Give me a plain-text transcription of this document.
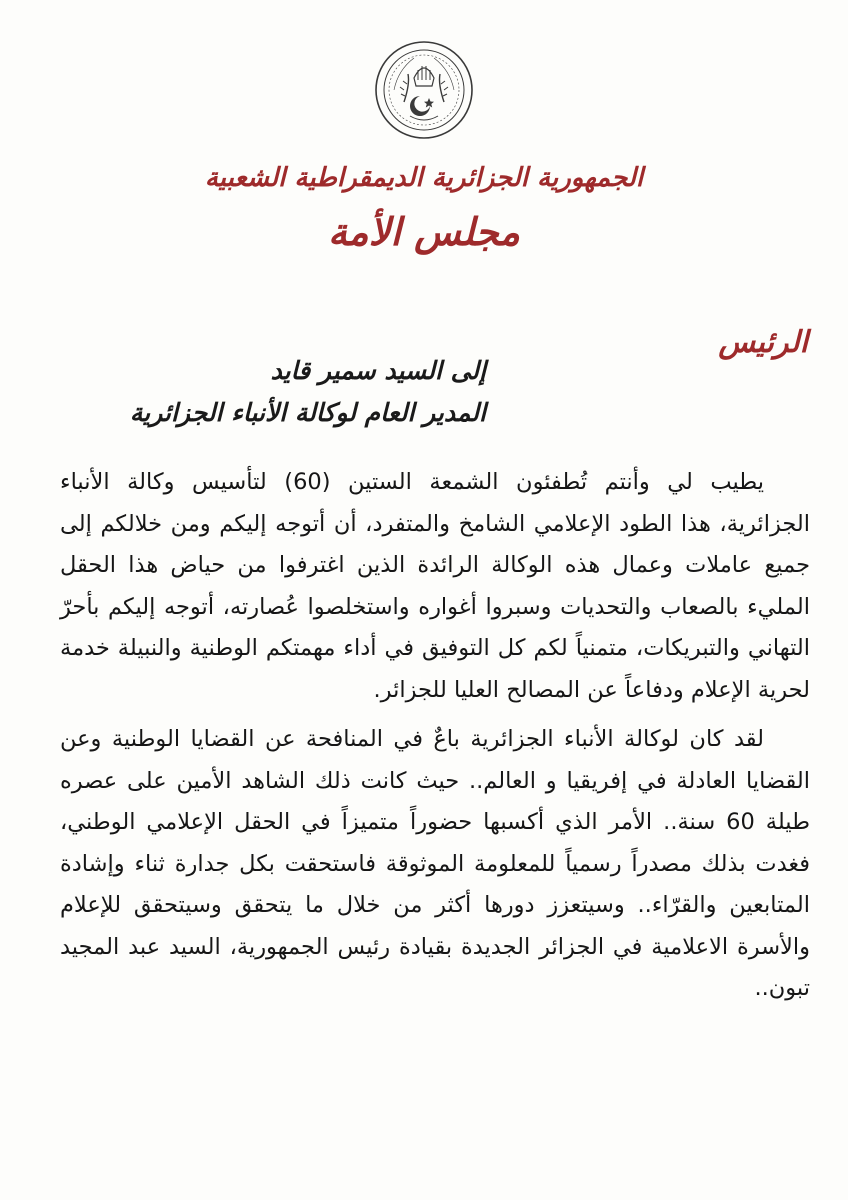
الجمهورية الجزائرية الديمقراطية الشعبية
مجلس الأمة
الرئيس
إلى السيد سمير قايد
المدير العام لوكالة الأنباء الجزائرية

يطيب لي وأنتم تُطفئون الشمعة الستين (60) لتأسيس وكالة الأنباء الجزائرية، هذا الطود الإعلامي الشامخ والمتفرد، أن أتوجه إليكم ومن خلالكم إلى جميع عاملات وعمال هذه الوكالة الرائدة الذين اغترفوا من حياض هذا الحقل المليء بالصعاب والتحديات وسبروا أغواره واستخلصوا عُصارته، أتوجه إليكم بأحرّ التهاني والتبريكات، متمنياً لكم كل التوفيق في أداء مهمتكم الوطنية والنبيلة خدمة لحرية الإعلام ودفاعاً عن المصالح العليا للجزائر.

لقد كان لوكالة الأنباء الجزائرية باعٌ في المنافحة عن القضايا الوطنية وعن القضايا العادلة في إفريقيا و العالم.. حيث كانت ذلك الشاهد الأمين على عصره طيلة 60 سنة.. الأمر الذي أكسبها حضوراً متميزاً في الحقل الإعلامي الوطني، فغدت بذلك مصدراً رسمياً للمعلومة الموثوقة فاستحقت بكل جدارة ثناء وإشادة المتابعين والقرّاء.. وسيتعزز دورها أكثر من خلال ما يتحقق وسيتحقق للإعلام والأسرة الاعلامية في الجزائر الجديدة بقيادة رئيس الجمهورية، السيد عبد المجيد تبون..
